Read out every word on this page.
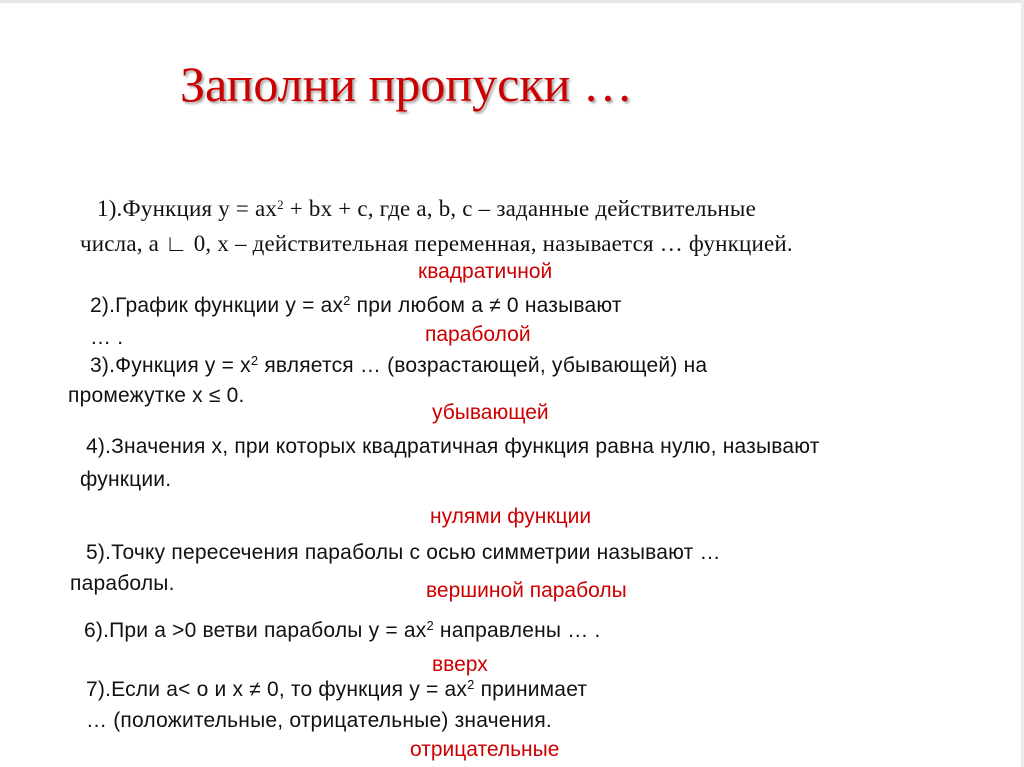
Заполни пропуски …
1).Функция $y = ax^2$ + bx + c, где a, b, c – заданные действительные
числа, a ∟ 0, x – действительная переменная, называется … функцией.
квадратичной
2).График функции $у = ах^2$ при любом а ≠ 0 называют
… .	параболой
3).Функция $у = х^2$ является … (возрастающей, убывающей) на
промежутке х ≤ 0.
убывающей
4).Значения х, при которых квадратичная функция равна нулю, называют
функции.
нулями функции
5).Точку пересечения параболы с осью симметрии называют …
параболы.	вершиной параболы
6).При а >0 ветви параболы $у = ах^2$ направлены … .
вверх
7).Если а< о и х ≠ 0, то функция $у = ах^2$ принимает
… (положительные, отрицательные) значения.
отрицательные
